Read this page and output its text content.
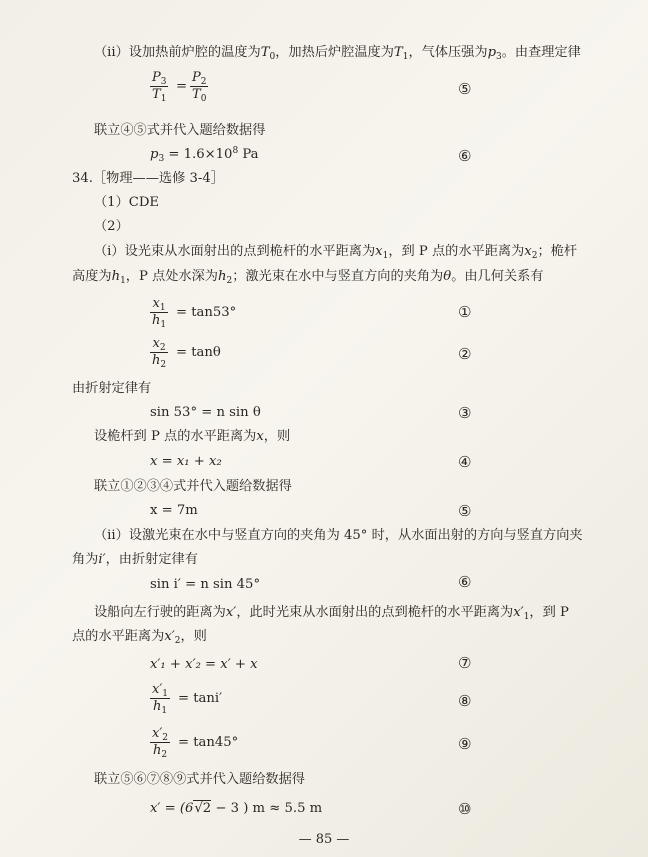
（ii）设加热前炉腔的温度为$T_0$，加热后炉腔温度为$T_1$，气体压强为$p_3$。由查理定律
$\frac{P_3}{T_1} = \frac{P_2}{T_0}$	⑤
联立④⑤式并代入题给数据得
$p_3 = 1.6\times 10^8$ Pa	⑥
34.［物理——选修 3-4］
（1）CDE
（2）
（i）设光束从水面射出的点到桅杆的水平距离为$x_1$，到 P 点的水平距离为$x_2$；桅杆
高度为$h_1$，P 点处水深为$h_2$；激光束在水中与竖直方向的夹角为θ。由几何关系有
$\frac{x_1}{h_1} = \tan 53^\circ$	①
$\frac{x_2}{h_2} = \tan\theta$	②
由折射定律有
sin 53° = n sin θ	③
设桅杆到 P 点的水平距离为x，则
x = x₁ + x₂	④
联立①②③④式并代入题给数据得
x = 7m	⑤
（ii）设激光束在水中与竖直方向的夹角为 45° 时，从水面出射的方向与竖直方向夹
角为i′，由折射定律有
sin i′ = n sin 45°	⑥
设船向左行驶的距离为x′，此时光束从水面射出的点到桅杆的水平距离为$x'_1$，到 P
点的水平距离为$x'_2$，则
x′₁ + x′₂ = x′ + x	⑦
$\frac{x'_1}{h_1} = \tan i'$	⑧
$\frac{x'_2}{h_2} = \tan 45^\circ$	⑨
联立⑤⑥⑦⑧⑨式并代入题给数据得
x′ = (6√2 − 3 ) m ≈ 5.5 m	⑩
— 85 —
